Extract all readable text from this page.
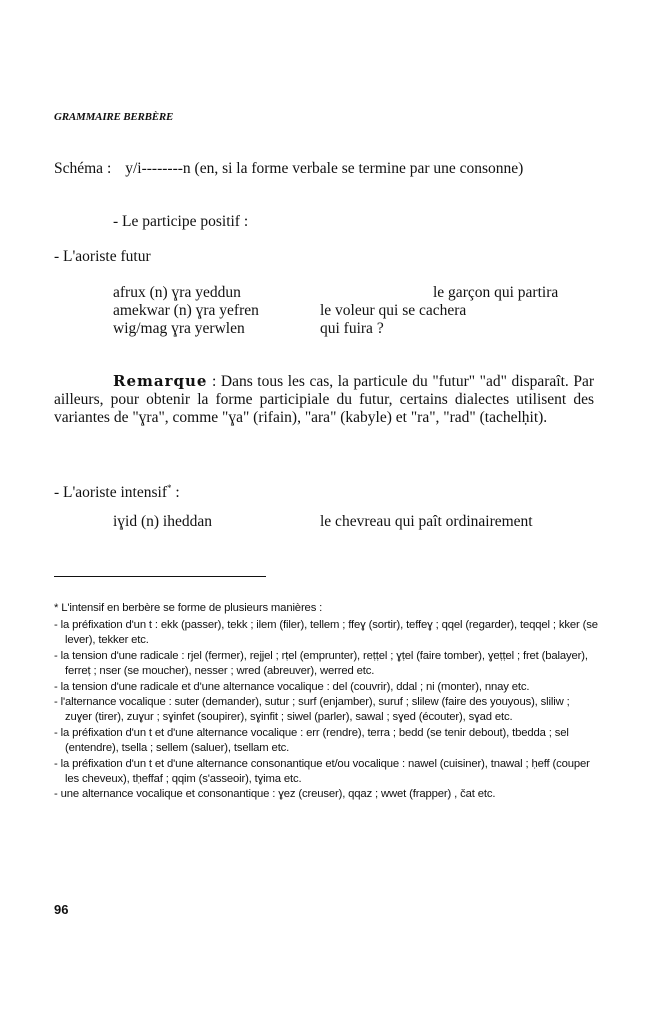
GRAMMAIRE BERBÈRE
Schéma : y/i--------n (en, si la forme verbale se termine par une consonne)
- Le participe positif :
- L'aoriste futur
afrux (n) ɣra yeddun	le garçon qui partira
amekwar (n) ɣra yefren	le voleur qui se cachera
wig/mag ɣra yerwlen	qui fuira ?
Remarque : Dans tous les cas, la particule du "futur" "ad" disparaît. Par ailleurs, pour obtenir la forme participiale du futur, certains dialectes utilisent des variantes de "ɣra", comme "ɣa" (rifain), "ara" (kabyle) et "ra", "rad" (tachelḥit).
- L'aoriste intensif* :
iɣid (n) iheddan	le chevreau qui paît ordinairement
* L'intensif en berbère se forme de plusieurs manières :
- la préfixation d'un t : ekk (passer), tekk ; ilem (filer), tellem ; ffeɣ (sortir), teffeɣ ; qqel (regarder), teqqel ; kker (se lever), tekker etc.
- la tension d'une radicale : rjel (fermer), rejjel ; rṭel (emprunter), reṭṭel ; ɣṭel (faire tomber), ɣeṭṭel ; fret (balayer), ferreṭ ; nser (se moucher), nesser ; wred (abreuver), werred etc.
- la tension d'une radicale et d'une alternance vocalique : del (couvrir), ddal ; ni (monter), nnay etc.
- l'alternance vocalique : suter (demander), sutur ; surf (enjamber), suruf ; slilew (faire des youyous), sliliw ; zuɣer (tirer), zuɣur ; sɣinfet (soupirer), sɣinfit ; siwel (parler), sawal ; sɣed (écouter), sɣad etc.
- la préfixation d'un t et d'une alternance vocalique : err (rendre), terra ; bedd (se tenir debout), tbedda ; sel (entendre), tsella ; sellem (saluer), tsellam etc.
- la préfixation d'un t et d'une alternance consonantique et/ou vocalique : nawel (cuisiner), tnawal ; ḥeff (couper les cheveux), tḥeffaf ; qqim (s'asseoir), tɣima etc.
- une alternance vocalique et consonantique : ɣez (creuser), qqaz ; wwet (frapper) , čat etc.
96
